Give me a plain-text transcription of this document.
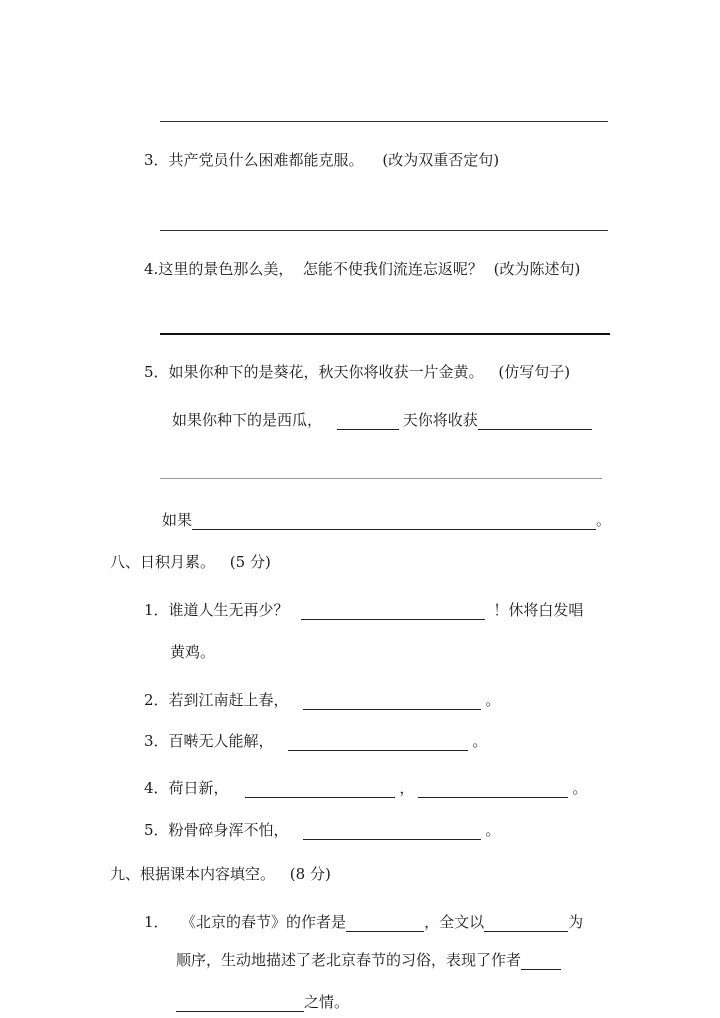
3．共产党员什么困难都能克服。 (改为双重否定句)
4.这里的景色那么美，  怎能不使我们流连忘返呢？ (改为陈述句)
5．如果你种下的是葵花，秋天你将收获一片金黄。 (仿写句子)
如果你种下的是西瓜，	天你将收获
如果	。
八、日积月累。 (5 分)
1．谁道人生无再少？	！休将白发唱
黄鸡。
2．若到江南赶上春，	。
3．百啭无人能解，	。
4．荷日新，	，	。
5．粉骨碎身浑不怕，	。
九、根据课本内容填空。 (8 分)
1． 《北京的春节》的作者是	，全文以	为
顺序，生动地描述了老北京春节的习俗，表现了作者
之情。
